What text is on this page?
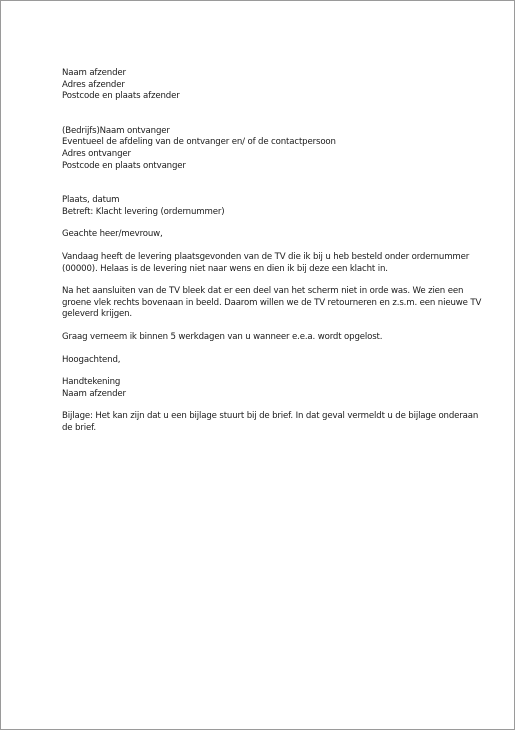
Naam afzender
Adres afzender
Postcode en plaats afzender
(Bedrijfs)Naam ontvanger
Eventueel de afdeling van de ontvanger en/ of de contactpersoon
Adres ontvanger
Postcode en plaats ontvanger
Plaats, datum
Betreft: Klacht levering (ordernummer)
Geachte heer/mevrouw,
Vandaag heeft de levering plaatsgevonden van de TV die ik bij u heb besteld onder ordernummer
(00000). Helaas is de levering niet naar wens en dien ik bij deze een klacht in.
Na het aansluiten van de TV bleek dat er een deel van het scherm niet in orde was. We zien een
groene vlek rechts bovenaan in beeld. Daarom willen we de TV retourneren en z.s.m. een nieuwe TV
geleverd krijgen.
Graag verneem ik binnen 5 werkdagen van u wanneer e.e.a. wordt opgelost.
Hoogachtend,
Handtekening
Naam afzender
Bijlage: Het kan zijn dat u een bijlage stuurt bij de brief. In dat geval vermeldt u de bijlage onderaan
de brief.
